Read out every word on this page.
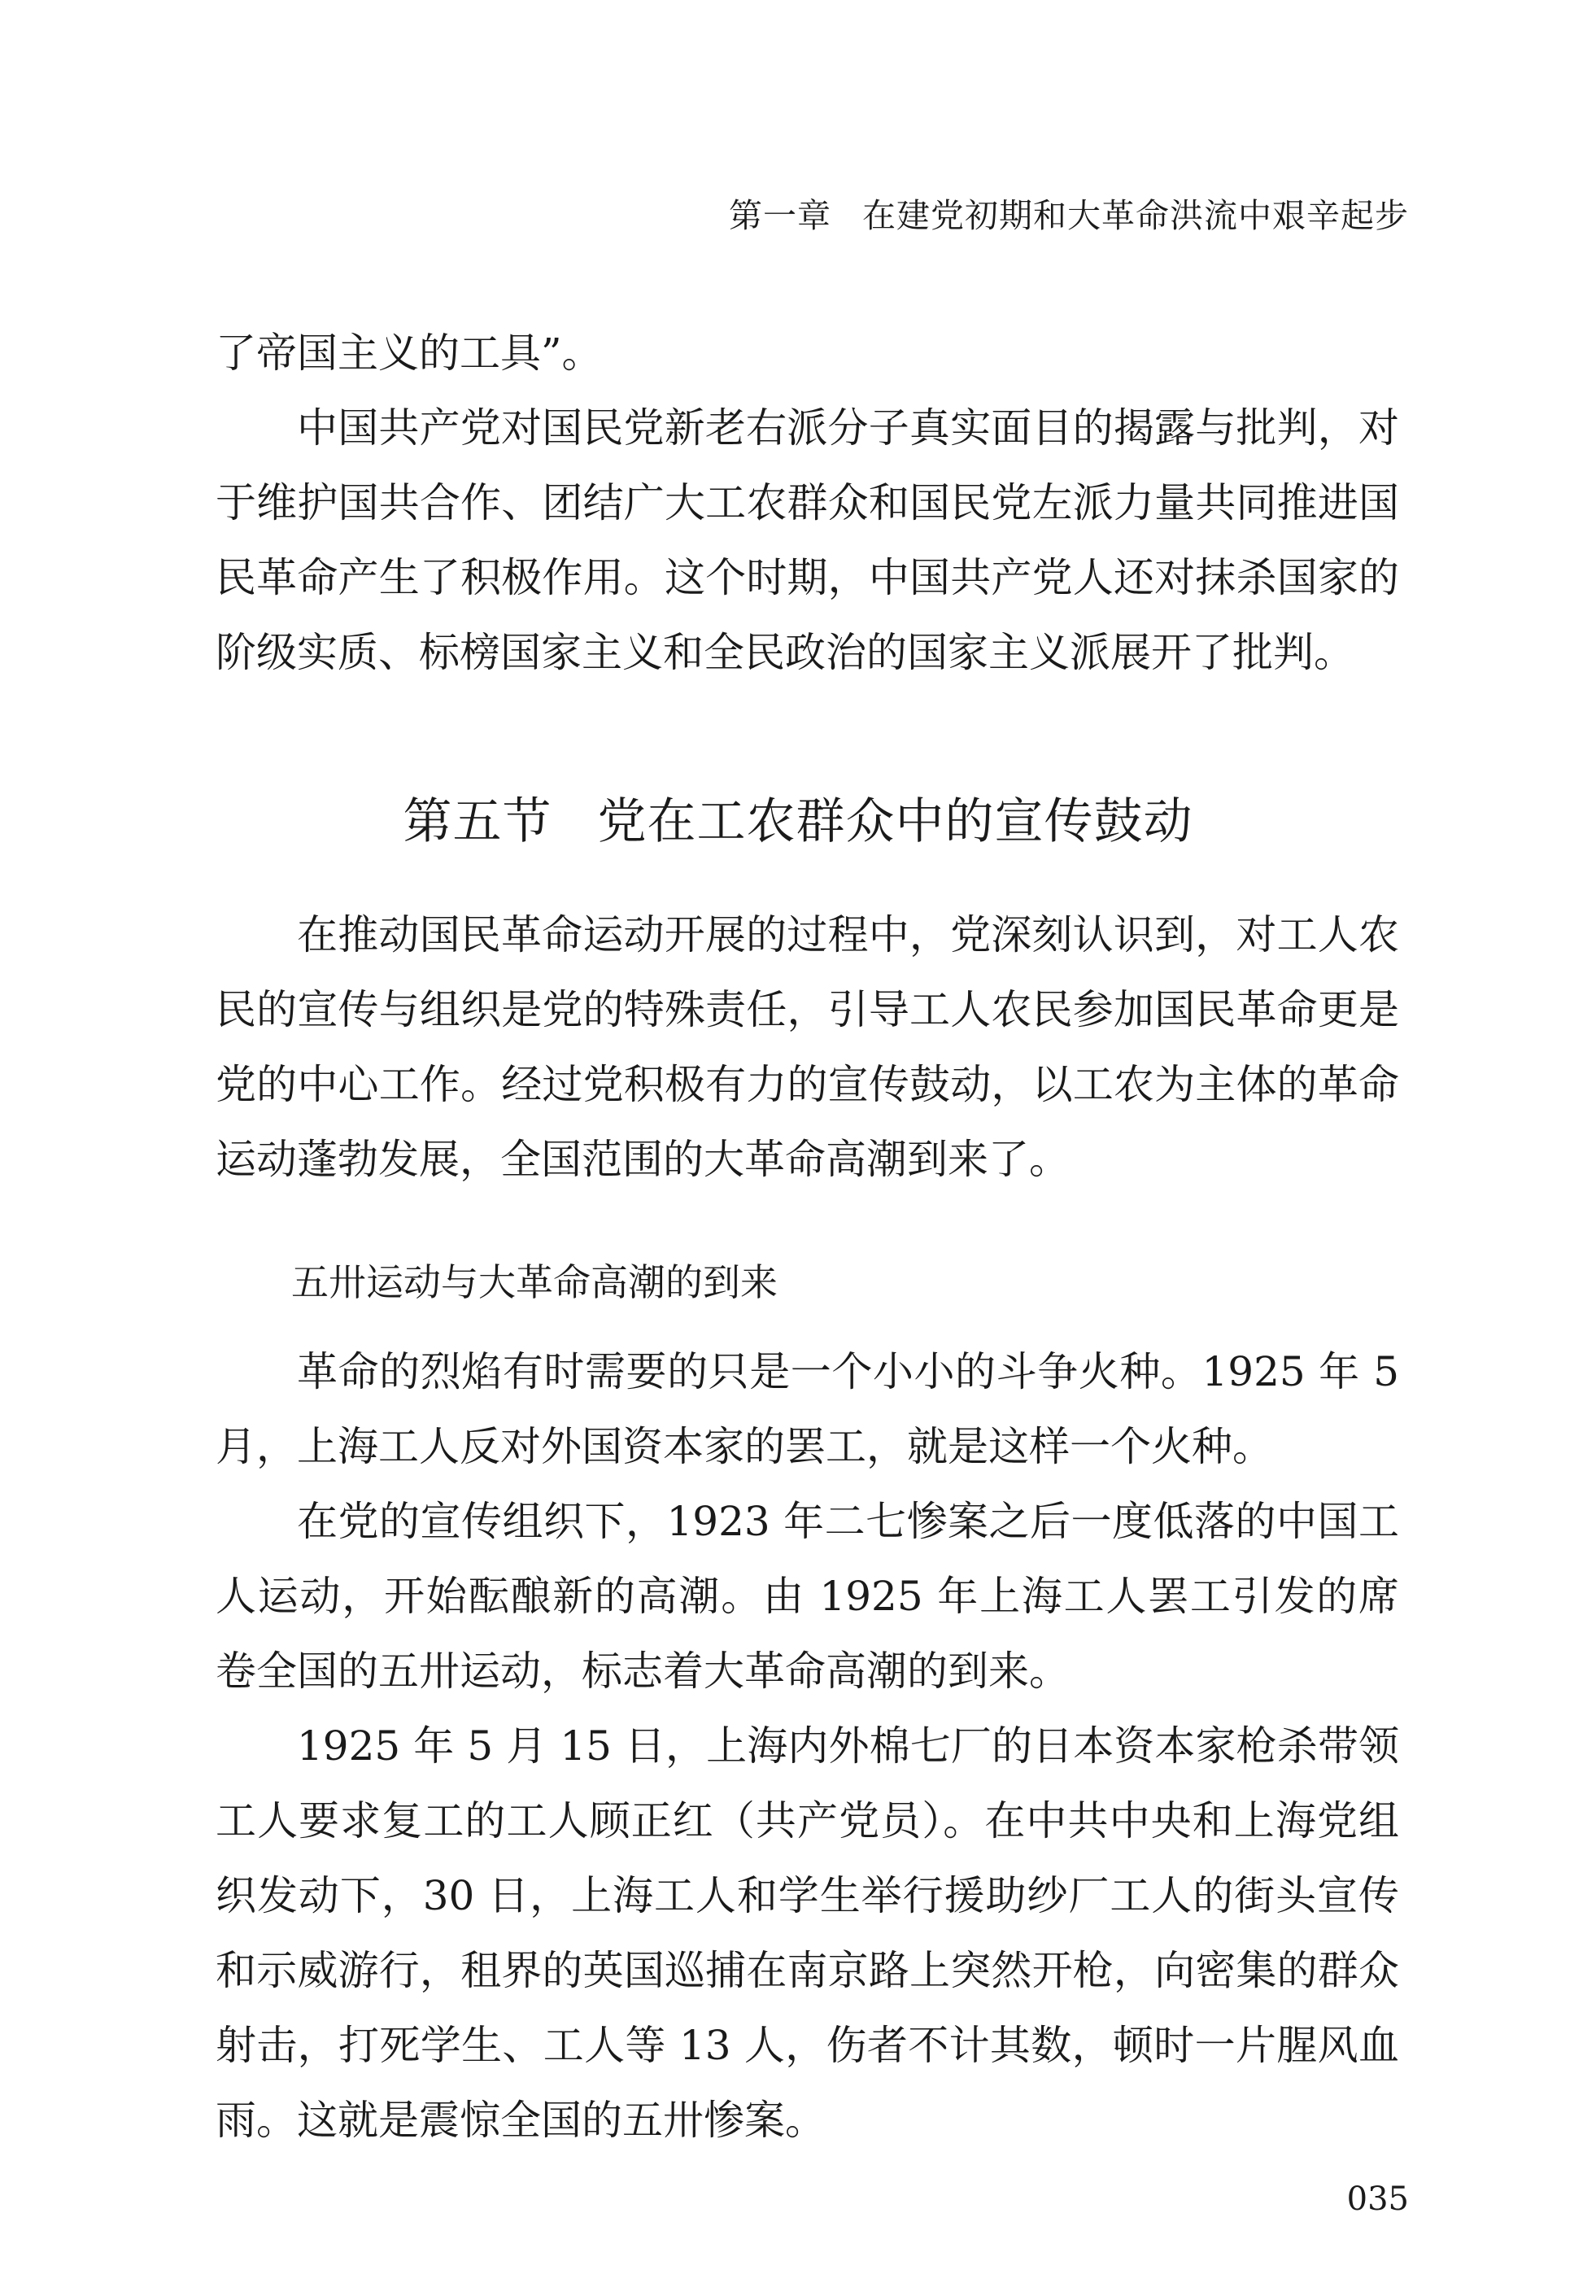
第一章 在建党初期和大革命洪流中艰辛起步

了帝国主义的工具”。

中国共产党对国民党新老右派分子真实面目的揭露与批判，对于维护国共合作、团结广大工农群众和国民党左派力量共同推进国民革命产生了积极作用。这个时期，中国共产党人还对抹杀国家的阶级实质、标榜国家主义和全民政治的国家主义派展开了批判。

第五节 党在工农群众中的宣传鼓动

在推动国民革命运动开展的过程中，党深刻认识到，对工人农民的宣传与组织是党的特殊责任，引导工人农民参加国民革命更是党的中心工作。经过党积极有力的宣传鼓动，以工农为主体的革命运动蓬勃发展，全国范围的大革命高潮到来了。

五卅运动与大革命高潮的到来

革命的烈焰有时需要的只是一个小小的斗争火种。1925 年 5 月，上海工人反对外国资本家的罢工，就是这样一个火种。

在党的宣传组织下，1923 年二七惨案之后一度低落的中国工人运动，开始酝酿新的高潮。由 1925 年上海工人罢工引发的席卷全国的五卅运动，标志着大革命高潮的到来。

1925 年 5 月 15 日，上海内外棉七厂的日本资本家枪杀带领工人要求复工的工人顾正红（共产党员）。在中共中央和上海党组织发动下，30 日，上海工人和学生举行援助纱厂工人的街头宣传和示威游行，租界的英国巡捕在南京路上突然开枪，向密集的群众射击，打死学生、工人等 13 人，伤者不计其数，顿时一片腥风血雨。这就是震惊全国的五卅惨案。

035
